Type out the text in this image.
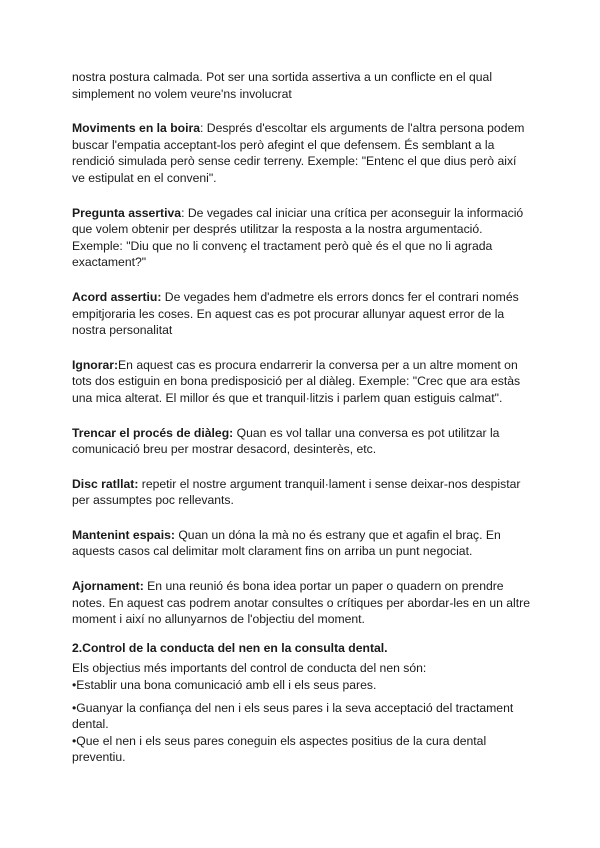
nostra postura calmada. Pot ser una sortida assertiva a un conflicte en el qual simplement no volem veure'ns involucrat

Moviments en la boira: Després d'escoltar els arguments de l'altra persona podem buscar l'empatia acceptant-los però afegint el que defensem. És semblant a la rendició simulada però sense cedir terreny. Exemple: "Entenc el que dius però així ve estipulat en el conveni".

Pregunta assertiva: De vegades cal iniciar una crítica per aconseguir la informació que volem obtenir per després utilitzar la resposta a la nostra argumentació. Exemple: "Diu que no li convenç el tractament però què és el que no li agrada exactament?"

Acord assertiu: De vegades hem d'admetre els errors doncs fer el contrari només empitjoraria les coses. En aquest cas es pot procurar allunyar aquest error de la nostra personalitat

Ignorar:En aquest cas es procura endarrerir la conversa per a un altre moment on tots dos estiguin en bona predisposició per al diàleg. Exemple: "Crec que ara estàs una mica alterat. El millor és que et tranquil·litzis i parlem quan estiguis calmat".

Trencar el procés de diàleg: Quan es vol tallar una conversa es pot utilitzar la comunicació breu per mostrar desacord, desinterès, etc.

Disc ratllat: repetir el nostre argument tranquil·lament i sense deixar-nos despistar per assumptes poc rellevants.

Mantenint espais: Quan un dóna la mà no és estrany que et agafin el braç. En aquests casos cal delimitar molt clarament fins on arriba un punt negociat.

Ajornament: En una reunió és bona idea portar un paper o quadern on prendre notes. En aquest cas podrem anotar consultes o crítiques per abordar-les en un altre moment i així no allunyarnos de l'objectiu del moment.

2.Control de la conducta del nen en la consulta dental.

Els objectius més importants del control de conducta del nen són:

•Establir una bona comunicació amb ell i els seus pares.

•Guanyar la confiança del nen i els seus pares i la seva acceptació del tractament dental.

•Que el nen i els seus pares coneguin els aspectes positius de la cura dental preventiu.
